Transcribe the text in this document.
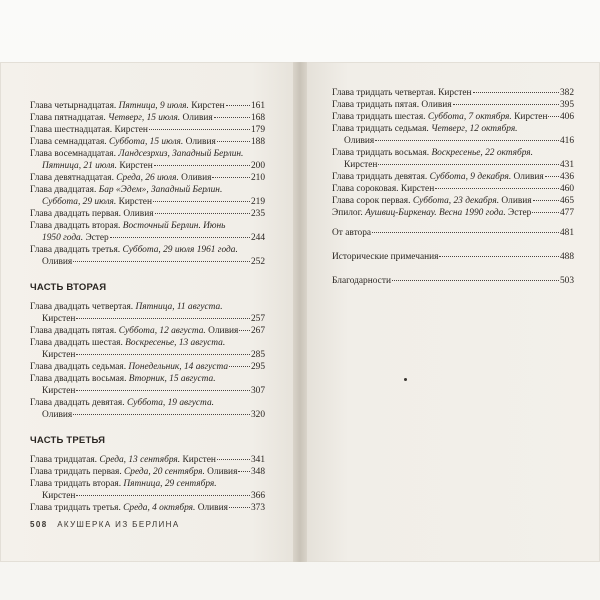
Глава четырнадцатая. Пятница, 9 июля. Кирстен	161
Глава пятнадцатая. Четверг, 15 июля. Оливия	168
Глава шестнадцатая. Кирстен	179
Глава семнадцатая. Суббота, 15 июля. Оливия	188
Глава восемнадцатая. Ландсезрхиз, Западный Берлин.
Пятница, 21 июля. Кирстен	200
Глава девятнадцатая. Среда, 26 июля. Оливия	210
Глава двадцатая. Бар «Эдем», Западный Берлин.
Суббота, 29 июля. Кирстен	219
Глава двадцать первая. Оливия	235
Глава двадцать вторая. Восточный Берлин. Июнь
1950 года. Эстер	244
Глава двадцать третья. Суббота, 29 июля 1961 года.
Оливия	252
ЧАСТЬ ВТОРАЯ
Глава двадцать четвертая. Пятница, 11 августа.
Кирстен	257
Глава двадцать пятая. Суббота, 12 августа. Оливия 267
Глава двадцать шестая. Воскресенье, 13 августа.
Кирстен	285
Глава двадцать седьмая. Понедельник, 14 августа 295
Глава двадцать восьмая. Вторник, 15 августа.
Кирстен	307
Глава двадцать девятая. Суббота, 19 августа.
Оливия	320
ЧАСТЬ ТРЕТЬЯ
Глава тридцатая. Среда, 13 сентября. Кирстен	341
Глава тридцать первая. Среда, 20 сентября. Оливия 348
Глава тридцать вторая. Пятница, 29 сентября.
Кирстен	366
Глава тридцать третья. Среда, 4 октября. Оливия 373
Глава тридцать четвертая. Кирстен	382
Глава тридцать пятая. Оливия	395
Глава тридцать шестая. Суббота, 7 октября. Кирстен 406
Глава тридцать седьмая. Четверг, 12 октября.
Оливия	416
Глава тридцать восьмая. Воскресенье, 22 октября.
Кирстен	431
Глава тридцать девятая. Суббота, 9 декабря. Оливия 436
Глава сороковая. Кирстен	460
Глава сорок первая. Суббота, 23 декабря. Оливия	465
Эпилог. Аушвиц-Биркенау. Весна 1990 года. Эстер	477
От автора	481
Исторические примечания	488
Благодарности	503
508 АКУШЕРКА ИЗ БЕРЛИНА
